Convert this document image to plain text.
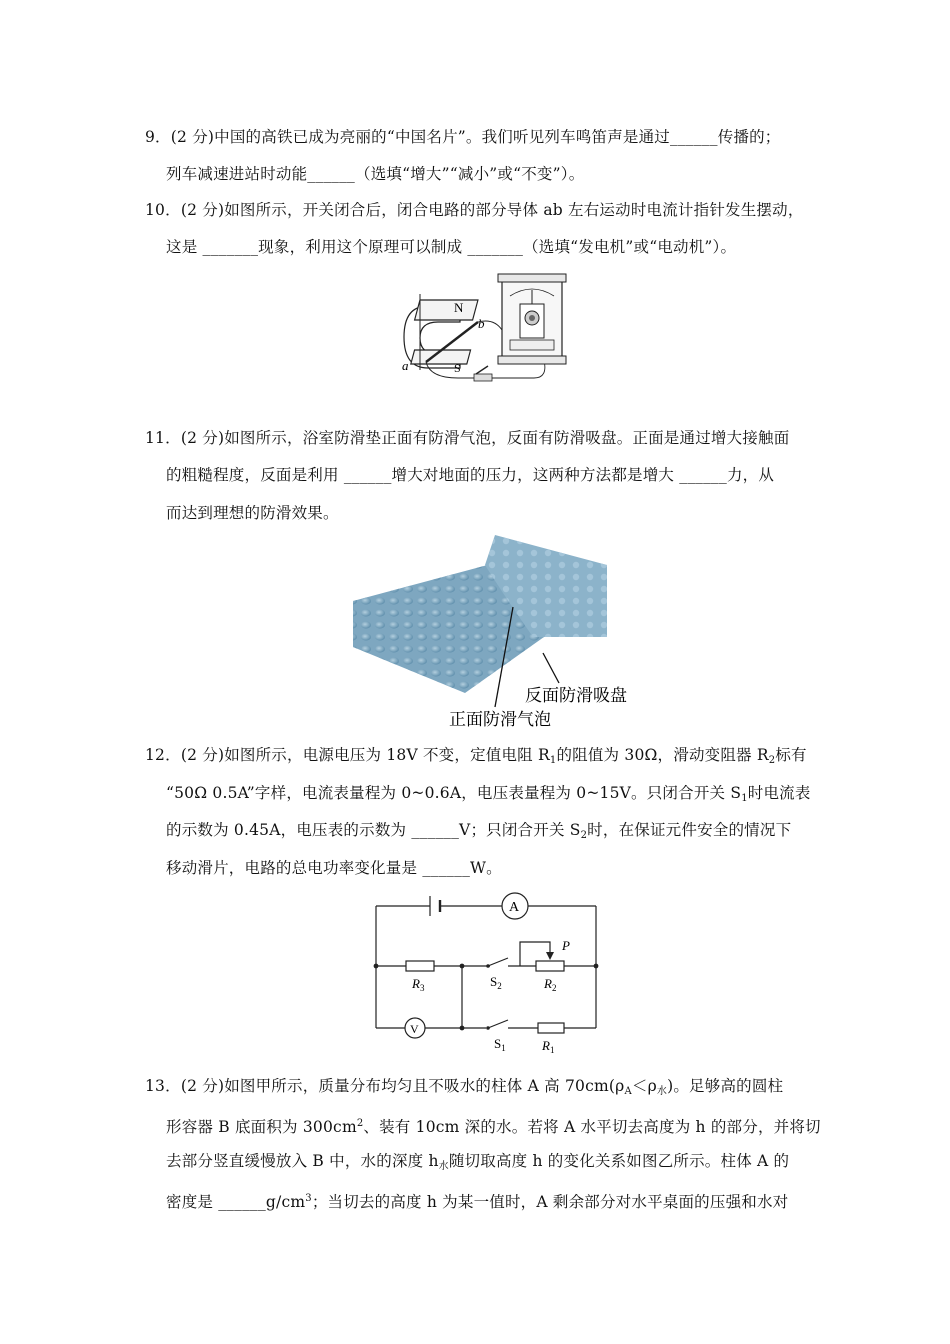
9．(2 分)中国的高铁已成为亮丽的“中国名片”。我们听见列车鸣笛声是通过______传播的；
列车减速进站时动能______（选填“增大”“减小”或“不变”）。
10．(2 分)如图所示，开关闭合后，闭合电路的部分导体 ab 左右运动时电流计指针发生摆动，
这是 _______现象，利用这个原理可以制成 _______（选填“发电机”或“电动机”）。
N
b
a	S
11．(2 分)如图所示，浴室防滑垫正面有防滑气泡，反面有防滑吸盘。正面是通过增大接触面
的粗糙程度，反面是利用 ______增大对地面的压力，这两种方法都是增大 ______力，从
而达到理想的防滑效果。
反面防滑吸盘
正面防滑气泡
12．(2 分)如图所示，电源电压为 18V 不变，定值电阻 $R_1$的阻值为 30Ω，滑动变阻器 $R_2$标有
“50Ω 0.5A”字样，电流表量程为 0~0.6A，电压表量程为 0~15V。只闭合开关 $S_1$时电流表
的示数为 0.45A，电压表的示数为 ______V；只闭合开关 $S_2$时，在保证元件安全的情况下
移动滑片，电路的总电功率变化量是 ______W。
A
V
$R_3$	$S_2$
P
$R_2$
$S_1$	$R_1$
13．(2 分)如图甲所示，质量分布均匀且不吸水的柱体 A 高 $70cm(\rho_A<\rho_水)$。足够高的圆柱
形容器 B 底面积为 $300cm^2$、装有 10cm 深的水。若将 A 水平切去高度为 h 的部分，并将切
去部分竖直缓慢放入 B 中，水的深度 $h_水$随切取高度 h 的变化关系如图乙所示。柱体 A 的
密度是 $\_\_\_\_\_\_g/cm^3$；当切去的高度 h 为某一值时，A 剩余部分对水平桌面的压强和水对
